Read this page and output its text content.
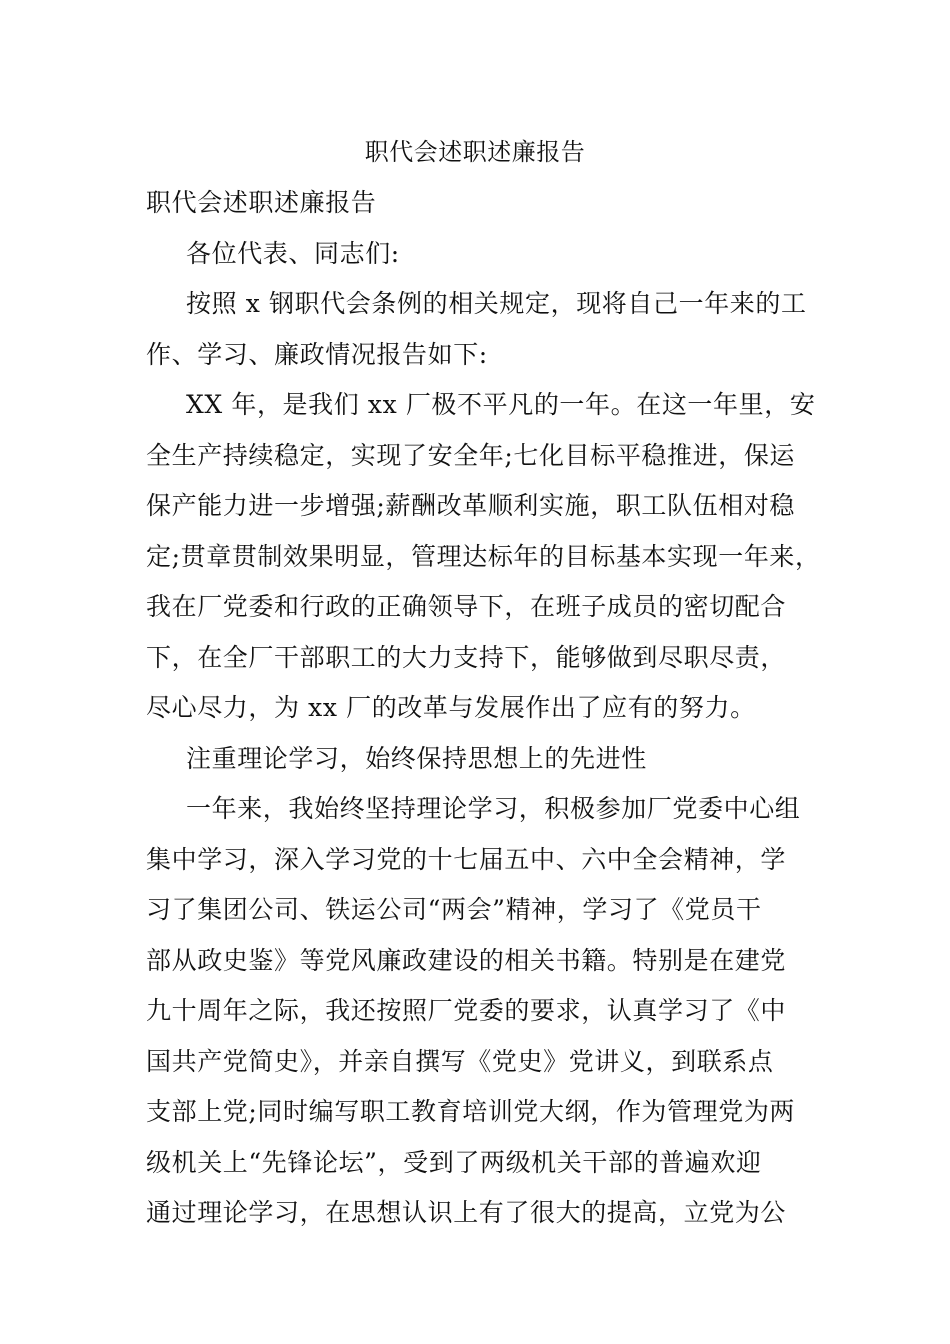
职代会述职述廉报告
职代会述职述廉报告
各位代表、同志们:
按照 x 钢职代会条例的相关规定，现将自己一年来的工
作、学习、廉政情况报告如下:
XX 年，是我们 xx 厂极不平凡的一年。在这一年里，安
全生产持续稳定，实现了安全年;七化目标平稳推进，保运
保产能力进一步增强;薪酬改革顺利实施，职工队伍相对稳
定;贯章贯制效果明显，管理达标年的目标基本实现一年来，
我在厂党委和行政的正确领导下，在班子成员的密切配合
下，在全厂干部职工的大力支持下，能够做到尽职尽责，
尽心尽力，为 xx 厂的改革与发展作出了应有的努力。
注重理论学习，始终保持思想上的先进性
一年来，我始终坚持理论学习，积极参加厂党委中心组
集中学习，深入学习党的十七届五中、六中全会精神，学
习了集团公司、铁运公司“两会”精神，学习了《党员干
部从政史鉴》等党风廉政建设的相关书籍。特别是在建党
九十周年之际，我还按照厂党委的要求，认真学习了《中
国共产党简史》，并亲自撰写《党史》党讲义，到联系点
支部上党;同时编写职工教育培训党大纲，作为管理党为两
级机关上“先锋论坛”，受到了两级机关干部的普遍欢迎
通过理论学习，在思想认识上有了很大的提高，立党为公
